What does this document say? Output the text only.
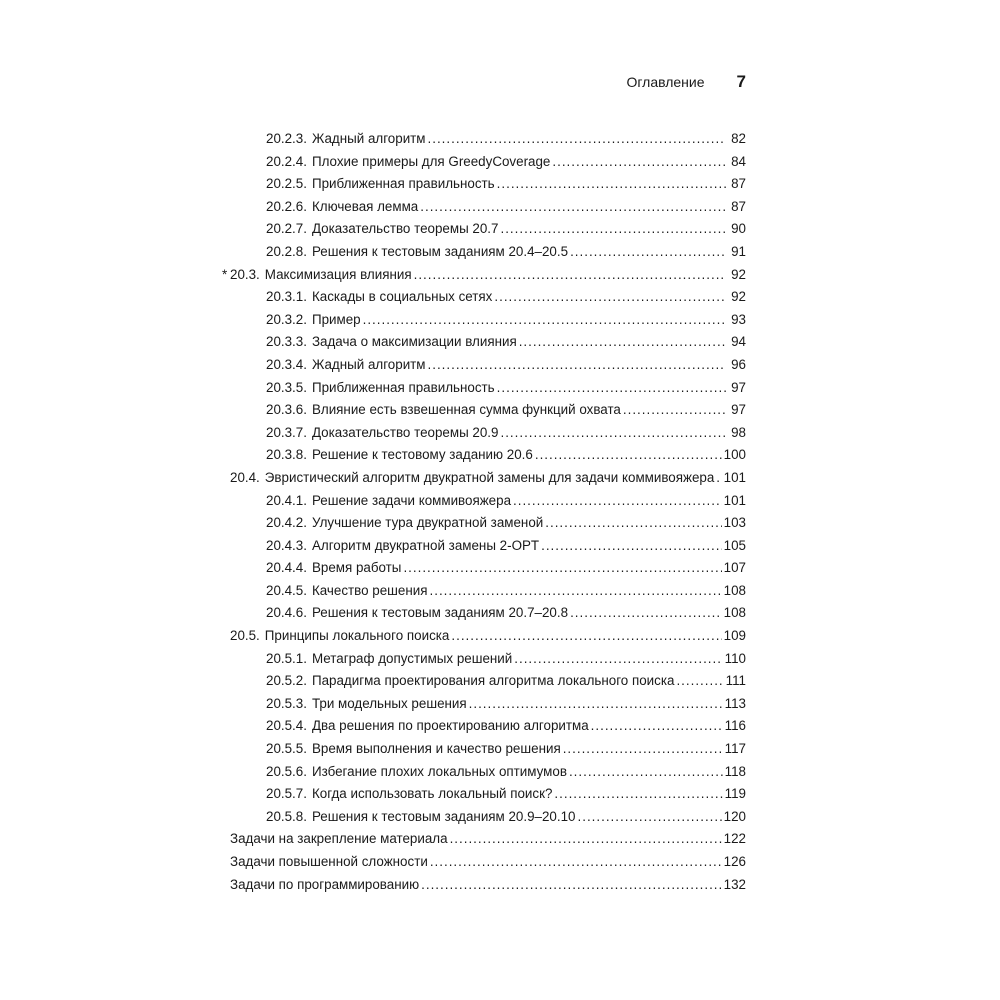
Оглавление 7
20.2.3. Жадный алгоритм .....	82
20.2.4. Плохие примеры для GreedyCoverage .....	84
20.2.5. Приближенная правильность .....	87
20.2.6. Ключевая лемма .....	87
20.2.7. Доказательство теоремы 20.7 .....	90
20.2.8. Решения к тестовым заданиям 20.4–20.5 .....	91
* 20.3. Максимизация влияния .....	92
20.3.1. Каскады в социальных сетях .....	92
20.3.2. Пример .....	93
20.3.3. Задача о максимизации влияния .....	94
20.3.4. Жадный алгоритм .....	96
20.3.5. Приближенная правильность .....	97
20.3.6. Влияние есть взвешенная сумма функций охвата .....	97
20.3.7. Доказательство теоремы 20.9 .....	98
20.3.8. Решение к тестовому заданию 20.6 .....	100
20.4. Эвристический алгоритм двукратной замены для задачи коммивояжера ..... 101
20.4.1. Решение задачи коммивояжера .....	101
20.4.2. Улучшение тура двукратной заменой .....	103
20.4.3. Алгоритм двукратной замены 2-OPT .....	105
20.4.4. Время работы .....	107
20.4.5. Качество решения .....	108
20.4.6. Решения к тестовым заданиям 20.7–20.8 .....	108
20.5. Принципы локального поиска .....	109
20.5.1. Метаграф допустимых решений .....	110
20.5.2. Парадигма проектирования алгоритма локального поиска .....	111
20.5.3. Три модельных решения .....	113
20.5.4. Два решения по проектированию алгоритма .....	116
20.5.5. Время выполнения и качество решения .....	117
20.5.6. Избегание плохих локальных оптимумов .....	118
20.5.7. Когда использовать локальный поиск? .....	119
20.5.8. Решения к тестовым заданиям 20.9–20.10 .....	120
Задачи на закрепление материала .....	122
Задачи повышенной сложности .....	126
Задачи по программированию .....	132
